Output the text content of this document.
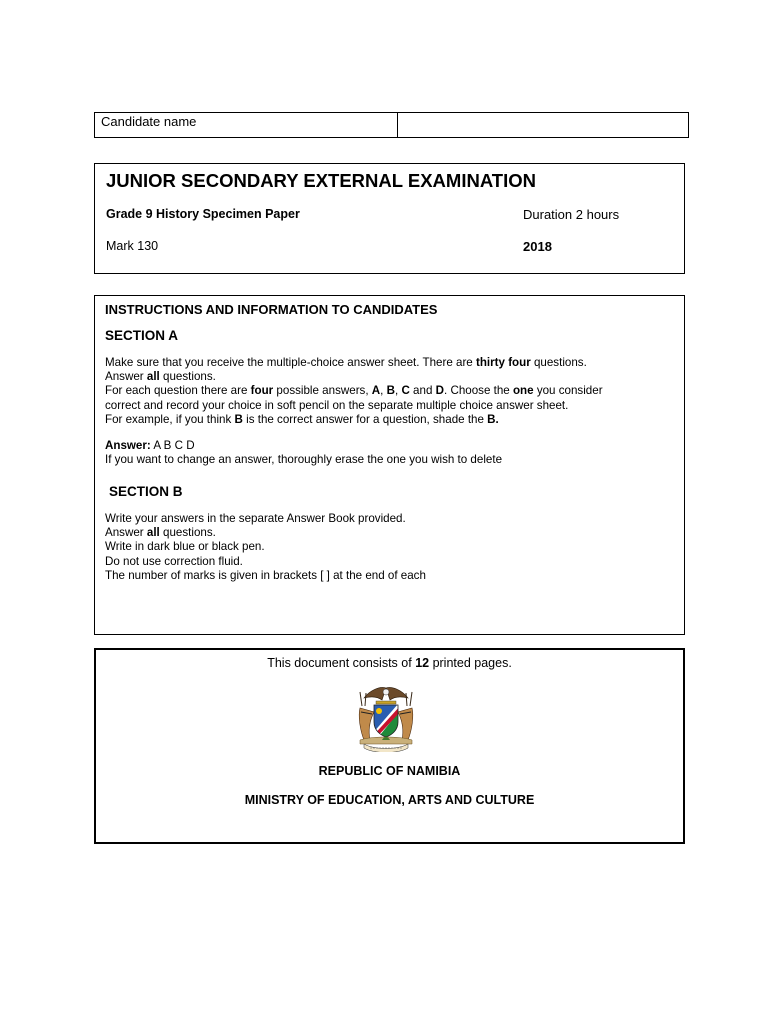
Candidate name
JUNIOR SECONDARY EXTERNAL EXAMINATION
Grade 9 History Specimen Paper	Duration 2 hours
Mark 130	2018
INSTRUCTIONS AND INFORMATION TO CANDIDATES
SECTION A
Make sure that you receive the multiple-choice answer sheet. There are thirty four questions.
Answer all questions.
For each question there are four possible answers, A, B, C and D. Choose the one you consider
correct and record your choice in soft pencil on the separate multiple choice answer sheet.
For example, if you think B is the correct answer for a question, shade the B.
Answer: A B C D
If you want to change an answer, thoroughly erase the one you wish to delete
SECTION B
Write your answers in the separate Answer Book provided.
Answer all questions.
Write in dark blue or black pen.
Do not use correction fluid.
The number of marks is given in brackets [ ] at the end of each
This document consists of 12 printed pages.
REPUBLIC OF NAMIBIA
MINISTRY OF EDUCATION, ARTS AND CULTURE
